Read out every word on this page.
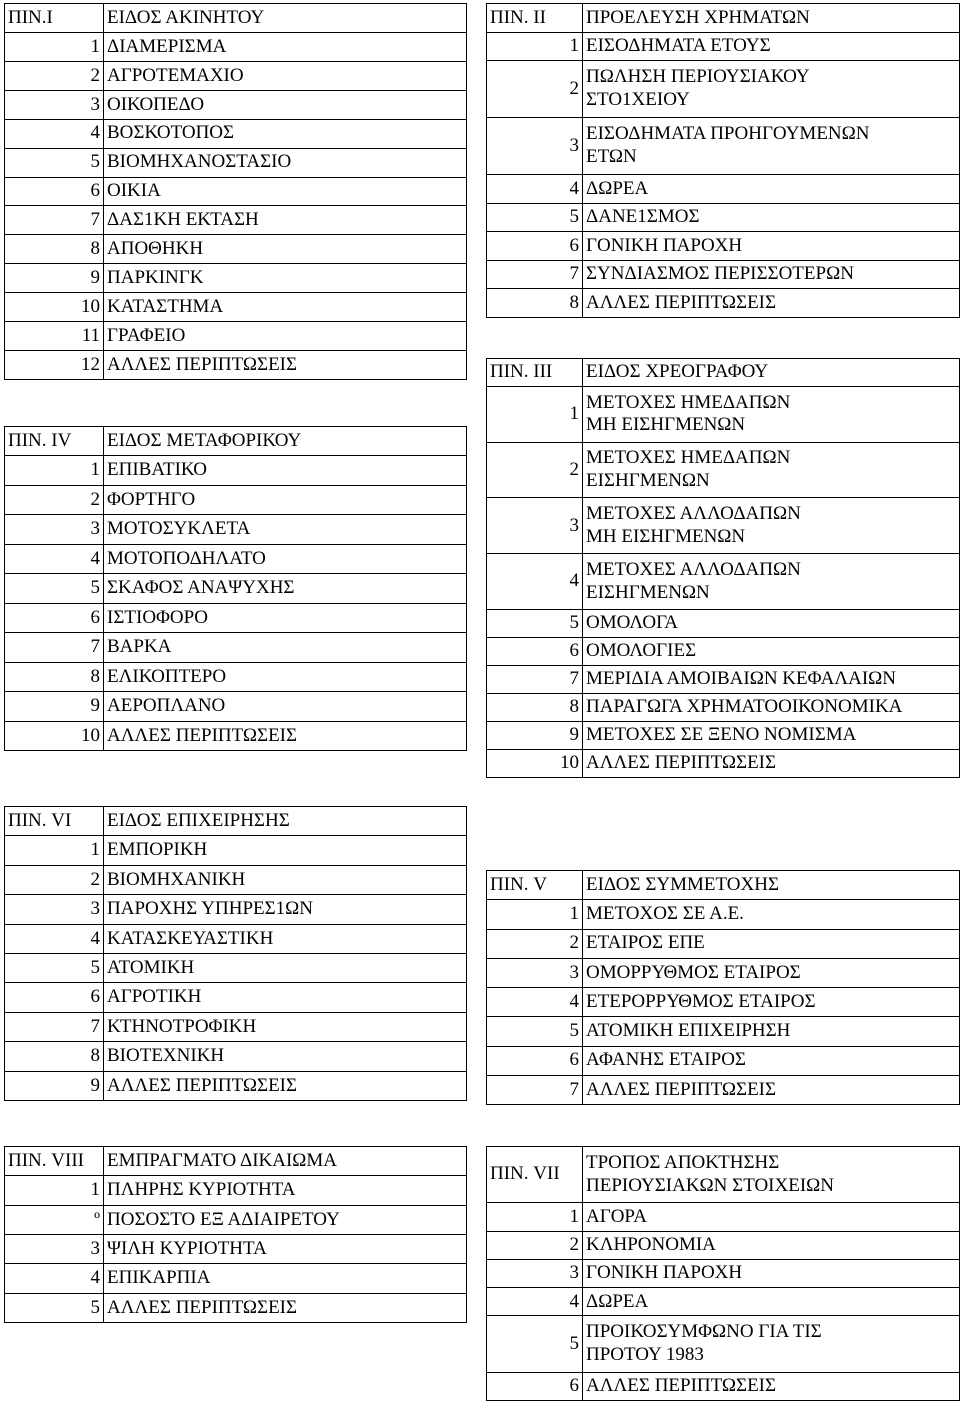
ΠΙΝ.Ι	ΕΙΔΟΣ ΑΚΙΝΗΤΟΥ
1	ΔΙΑΜΕΡΙΣΜΑ
2	ΑΓΡΟΤΕΜΑΧΙΟ
3	ΟΙΚΟΠΕΔΟ
4	ΒΟΣΚΟΤΟΠΟΣ
5	ΒΙΟΜΗΧΑΝΟΣΤΑΣΙΟ
6	ΟΙΚΙΑ
7	ΔΑΣ1ΚΗ ΕΚΤΑΣΗ
8	ΑΠΟΘΗΚΗ
9	ΠΑΡΚΙΝΓΚ
10	ΚΑΤΑΣΤΗΜΑ
11	ΓΡΑΦΕΙΟ
12	ΑΛΛΕΣ ΠΕΡΙΠΤΩΣΕΙΣ
ΠΙΝ. II	ΠΡΟΕΛΕΥΣΗ ΧΡΗΜΑΤΩΝ
1	ΕΙΣΟΔΗΜΑΤΑ ΕΤΟΥΣ
2	ΠΩΛΗΣΗ ΠΕΡΙΟΥΣΙΑΚΟΥ
ΣΤΟ1ΧΕΙΟΥ
3	ΕΙΣΟΔΗΜΑΤΑ ΠΡΟΗΓΟΥΜΕΝΩΝ
ΕΤΩΝ
4	ΔΩΡΕΑ
5	ΔΑΝΕ1ΣΜΟΣ
6	ΓΟΝΙΚΗ ΠΑΡΟΧΗ
7	ΣΥΝΔΙΑΣΜΟΣ ΠΕΡΙΣΣΟΤΕΡΩΝ
8	ΑΛΛΕΣ ΠΕΡΙΠΤΩΣΕΙΣ
ΠΙΝ. III	ΕΙΔΟΣ ΧΡΕΟΓΡΑΦΟΥ
1	ΜΕΤΟΧΕΣ ΗΜΕΔΑΠΩΝ
ΜΗ ΕΙΣΗΓΜΕΝΩΝ
2	ΜΕΤΟΧΕΣ ΗΜΕΔΑΠΩΝ
ΕΙΣΗΓΜΕΝΩΝ
3	ΜΕΤΟΧΕΣ ΑΛΛΟΔΑΠΩΝ
ΜΗ ΕΙΣΗΓΜΕΝΩΝ
4	ΜΕΤΟΧΕΣ ΑΛΛΟΔΑΠΩΝ
ΕΙΣΗΓΜΕΝΩΝ
5	ΟΜΟΛΟΓΑ
6	ΟΜΟΛΟΓΙΕΣ
7	ΜΕΡΙΔΙΑ ΑΜΟΙΒΑΙΩΝ ΚΕΦΑΛΑΙΩΝ
8	ΠΑΡΑΓΩΓΑ ΧΡΗΜΑΤΟΟΙΚΟΝΟΜΙΚΑ
9	ΜΕΤΟΧΕΣ ΣΕ ΞΕΝΟ ΝΟΜΙΣΜΑ
10	ΑΛΛΕΣ ΠΕΡΙΠΤΩΣΕΙΣ
ΠΙΝ. IV	ΕΙΔΟΣ ΜΕΤΑΦΟΡΙΚΟΥ
1	ΕΠΙΒΑΤΙΚΟ
2	ΦΟΡΤΗΓΟ
3	ΜΟΤΟΣΥΚΛΕΤΑ
4	ΜΟΤΟΠΟΔΗΛΑΤΟ
5	ΣΚΑΦΟΣ ΑΝΑΨΥΧΗΣ
6	ΙΣΤΙΟΦΟΡΟ
7	ΒΑΡΚΑ
8	ΕΛΙΚΟΠΤΕΡΟ
9	ΑΕΡΟΠΛΑΝΟ
10	ΑΛΛΕΣ ΠΕΡΙΠΤΩΣΕΙΣ
ΠΙΝ. VI	ΕΙΔΟΣ ΕΠΙΧΕΙΡΗΣΗΣ
1	ΕΜΠΟΡΙΚΗ
2	ΒΙΟΜΗΧΑΝΙΚΗ
3	ΠΑΡΟΧΗΣ ΥΠΗΡΕΣ1ΩΝ
4	ΚΑΤΑΣΚΕΥΑΣΤΙΚΗ
5	ΑΤΟΜΙΚΗ
6	ΑΓΡΟΤΙΚΗ
7	ΚΤΗΝΟΤΡΟΦΙΚΗ
8	ΒΙΟΤΕΧΝΙΚΗ
9	ΑΛΛΕΣ ΠΕΡΙΠΤΩΣΕΙΣ
ΠΙΝ. V	ΕΙΔΟΣ ΣΥΜΜΕΤΟΧΗΣ
1	ΜΕΤΟΧΟΣ ΣΕ Α.Ε.
2	ΕΤΑΙΡΟΣ ΕΠΕ
3	ΟΜΟΡΡΥΘΜΟΣ ΕΤΑΙΡΟΣ
4	ΕΤΕΡΟΡΡΥΘΜΟΣ ΕΤΑΙΡΟΣ
5	ΑΤΟΜΙΚΗ ΕΠΙΧΕΙΡΗΣΗ
6	ΑΦΑΝΗΣ ΕΤΑΙΡΟΣ
7	ΑΛΛΕΣ ΠΕΡΙΠΤΩΣΕΙΣ
ΠΙΝ. VIII	ΕΜΠΡΑΓΜΑΤΟ ΔΙΚΑΙΩΜΑ
1	ΠΛΗΡΗΣ ΚΥΡΙΟΤΗΤΑ
º	ΠΟΣΟΣΤΟ ΕΞ ΑΔΙΑΙΡΕΤΟΥ
3	ΨΙΛΗ ΚΥΡΙΟΤΗΤΑ
4	ΕΠΙΚΑΡΠΙΑ
5	ΑΛΛΕΣ ΠΕΡΙΠΤΩΣΕΙΣ
ΠΙΝ. VII	ΤΡΟΠΟΣ ΑΠΟΚΤΗΣΗΣ
ΠΕΡΙΟΥΣΙΑΚΩΝ ΣΤΟΙΧΕΙΩΝ
1	ΑΓΟΡΑ
2	ΚΛΗΡΟΝΟΜΙΑ
3	ΓΟΝΙΚΗ ΠΑΡΟΧΗ
4	ΔΩΡΕΑ
5	ΠΡΟΙΚΟΣΥΜΦΩΝΟ ΓΙΑ ΤΙΣ
ΠΡΟΤΟΥ 1983
6	ΑΛΛΕΣ ΠΕΡΙΠΤΩΣΕΙΣ
